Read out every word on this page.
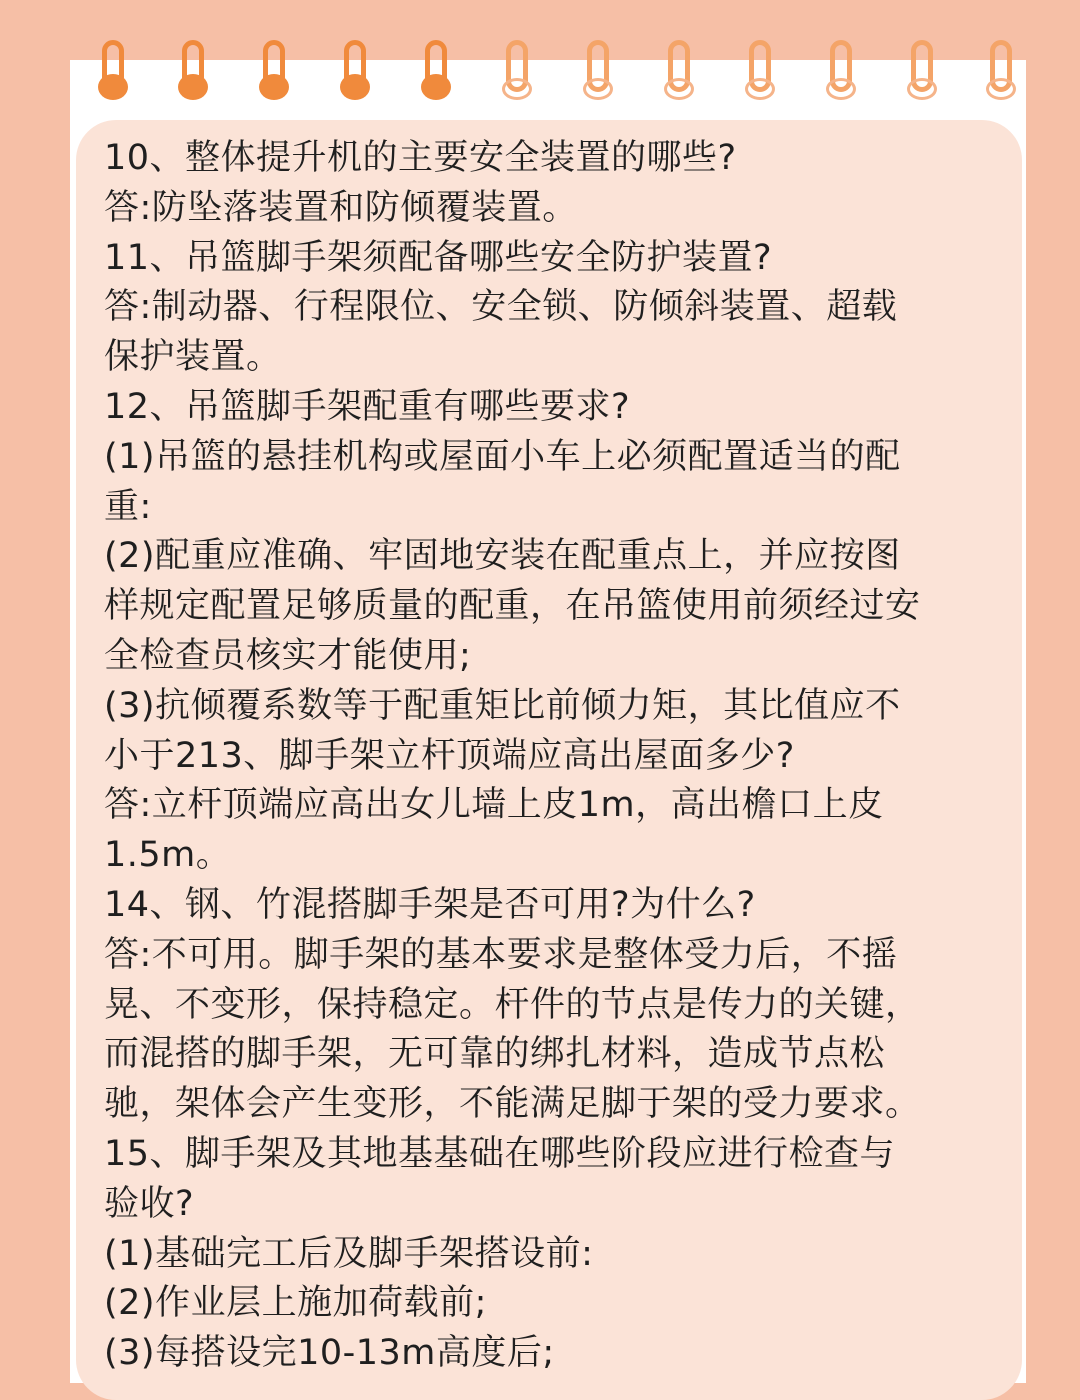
10、整体提升机的主要安全装置的哪些?

答:防坠落装置和防倾覆装置。

11、吊篮脚手架须配备哪些安全防护装置?

答:制动器、行程限位、安全锁、防倾斜装置、超载

保护装置。

12、吊篮脚手架配重有哪些要求?

(1)吊篮的悬挂机构或屋面小车上必须配置适当的配

重:

(2)配重应准确、牢固地安装在配重点上，并应按图

样规定配置足够质量的配重，在吊篮使用前须经过安

全检查员核实才能使用;

(3)抗倾覆系数等于配重矩比前倾力矩，其比值应不

小于213、脚手架立杆顶端应高出屋面多少?

答:立杆顶端应高出女儿墙上皮1m，高出檐口上皮

1.5m。

14、钢、竹混搭脚手架是否可用?为什么?

答:不可用。脚手架的基本要求是整体受力后，不摇

晃、不变形，保持稳定。杆件的节点是传力的关键，

而混搭的脚手架，无可靠的绑扎材料，造成节点松

驰，架体会产生变形，不能满足脚于架的受力要求。

15、脚手架及其地基基础在哪些阶段应进行检查与

验收?

(1)基础完工后及脚手架搭设前:

(2)作业层上施加荷载前;

(3)每搭设完10-13m高度后;
